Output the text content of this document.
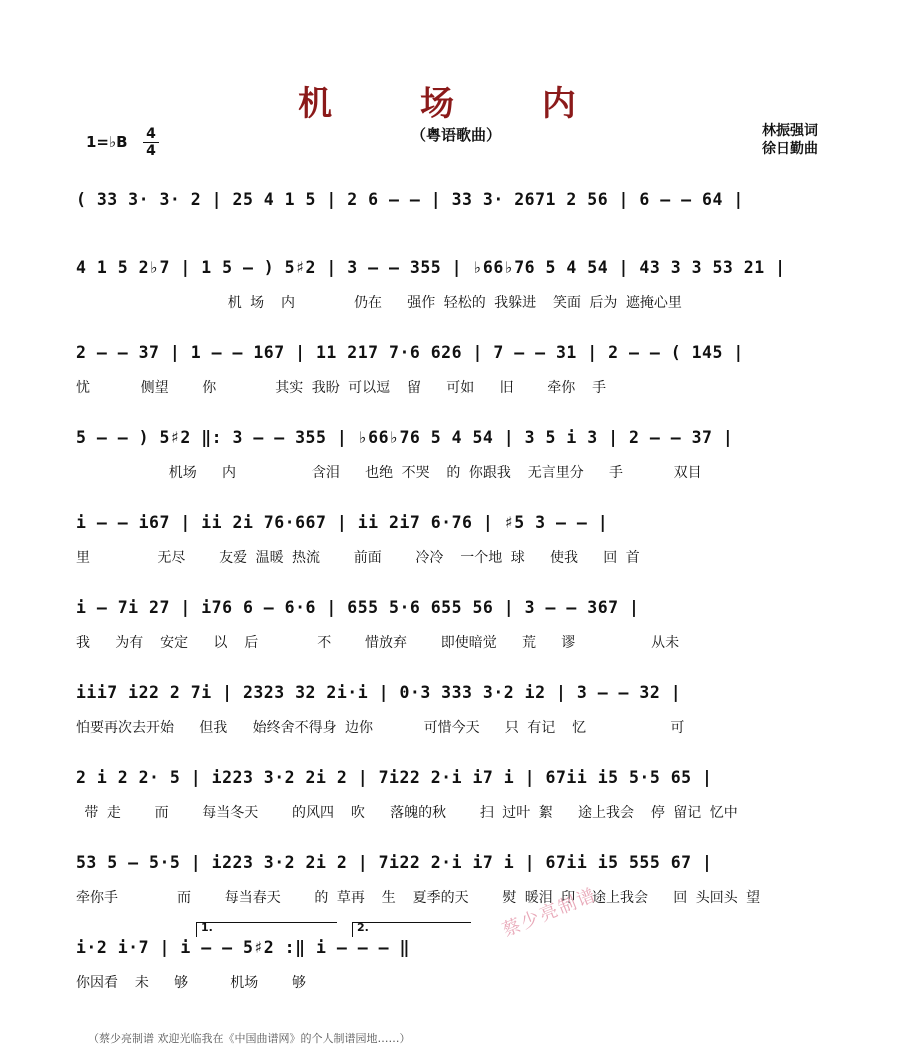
机 场 内
（粤语歌曲）
1=♭B 4
4
林振强词
徐日勤曲
( 33 3· 3· 2 | 25 4 1 5 | 2 6 — — | 33 3· 2671 2 56 | 6 — — 64 |
4 1 5 2♭7 | 1 5 — ) 5♯2 | 3 — — 355 | ♭66♭76 5 4 54 | 43 3 3 53 21 |
机 场  内       仍在   强作 轻松的 我躲进  笑面 后为 遮掩心里
2 — — 37 | 1 — — 167 | 11 217 7·6 626 | 7 — — 31 | 2 — — ( 145 |
忧      侧望    你       其实 我盼 可以逗  留   可如   旧    牵你  手
5 — — ) 5♯2 ‖: 3 — — 355 | ♭66♭76 5 4 54 | 3 5 i 3 | 2 — — 37 |
机场   内         含泪   也绝 不哭  的 你跟我  无言里分   手      双目
i — — i67 | ii 2i 76·667 | ii 2i7 6·76 | ♯5 3 — — |
里        无尽    友爱 温暖 热流    前面    冷冷  一个地 球   使我   回 首
i — 7i 27 | i76 6 — 6·6 | 655 5·6 655 56 | 3 — — 367 |
我   为有  安定   以  后       不    惜放弃    即使暗觉   荒   谬         从未
iii7 i22 2 7i | 2323 32 2i·i | 0·3 333 3·2 i2 | 3 — — 32 |
怕要再次去开始   但我   始终舍不得身 边你      可惜今天   只 有记  忆          可
2 i 2 2· 5 | i223 3·2 2i 2 | 7i22 2·i i7 i | 67ii i5 5·5 65 |
带 走    而    每当冬天    的风四  吹   落魄的秋    扫 过叶 絮   途上我会  停 留记 忆中
53 5 — 5·5 | i223 3·2 2i 2 | 7i22 2·i i7 i | 67ii i5 555 67 |
牵你手       而    每当春天    的 草再  生  夏季的天    熨 暖泪 印  途上我会   回 头回头 望
1.	2.
i·2 i·7 | i — — 5♯2 :‖ i — — — ‖
你因看  未   够     机场    够
蔡少亮制谱
（蔡少亮制谱 欢迎光临我在《中国曲谱网》的个人制谱园地……）
